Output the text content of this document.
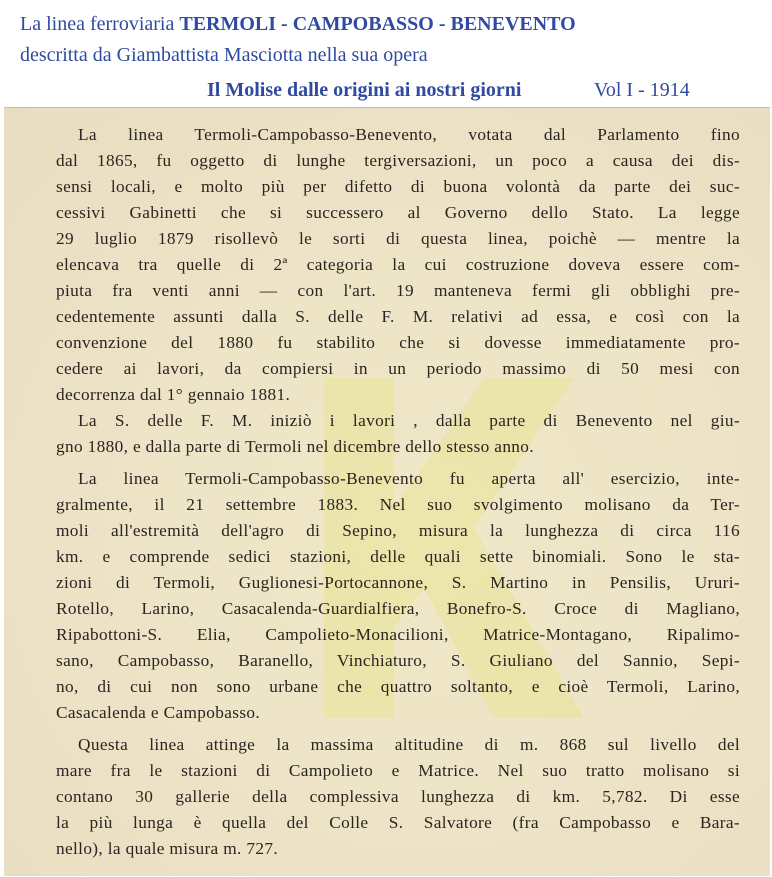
La linea ferroviaria TERMOLI - CAMPOBASSO - BENEVENTO
descritta da Giambattista Masciotta nella sua opera
Il Molise dalle origini ai nostri giorni	Vol I - 1914
La linea Termoli-Campobasso-Benevento, votata dal Parlamento fino
dal 1865, fu oggetto di lunghe tergiversazioni, un poco a causa dei dis-
sensi locali, e molto più per difetto di buona volontà da parte dei suc-
cessivi Gabinetti che si successero al Governo dello Stato. La legge
29 luglio 1879 risollevò le sorti di questa linea, poichè — mentre la
elencava tra quelle di 2ª categoria la cui costruzione doveva essere com-
piuta fra venti anni — con l'art. 19 manteneva fermi gli obblighi pre-
cedentemente assunti dalla S. delle F. M. relativi ad essa, e così con la
convenzione del 1880 fu stabilito che si dovesse immediatamente pro-
cedere ai lavori, da compiersi in un periodo massimo di 50 mesi con
decorrenza dal 1° gennaio 1881.
La S. delle F. M. iniziò i lavori , dalla parte di Benevento nel giu-
gno 1880, e dalla parte di Termoli nel dicembre dello stesso anno.
La linea Termoli-Campobasso-Benevento fu aperta all' esercizio, inte-
gralmente, il 21 settembre 1883. Nel suo svolgimento molisano da Ter-
moli all'estremità dell'agro di Sepino, misura la lunghezza di circa 116
km. e comprende sedici stazioni, delle quali sette binomiali. Sono le sta-
zioni di Termoli, Guglionesi-Portocannone, S. Martino in Pensilis, Ururi-
Rotello, Larino, Casacalenda-Guardialfiera, Bonefro-S. Croce di Magliano,
Ripabottoni-S. Elia, Campolieto-Monacilioni, Matrice-Montagano, Ripalimo-
sano, Campobasso, Baranello, Vinchiaturo, S. Giuliano del Sannio, Sepi-
no, di cui non sono urbane che quattro soltanto, e cioè Termoli, Larino,
Casacalenda e Campobasso.
Questa linea attinge la massima altitudine di m. 868 sul livello del
mare fra le stazioni di Campolieto e Matrice. Nel suo tratto molisano si
contano 30 gallerie della complessiva lunghezza di km. 5,782. Di esse
la più lunga è quella del Colle S. Salvatore (fra Campobasso e Bara-
nello), la quale misura m. 727.
